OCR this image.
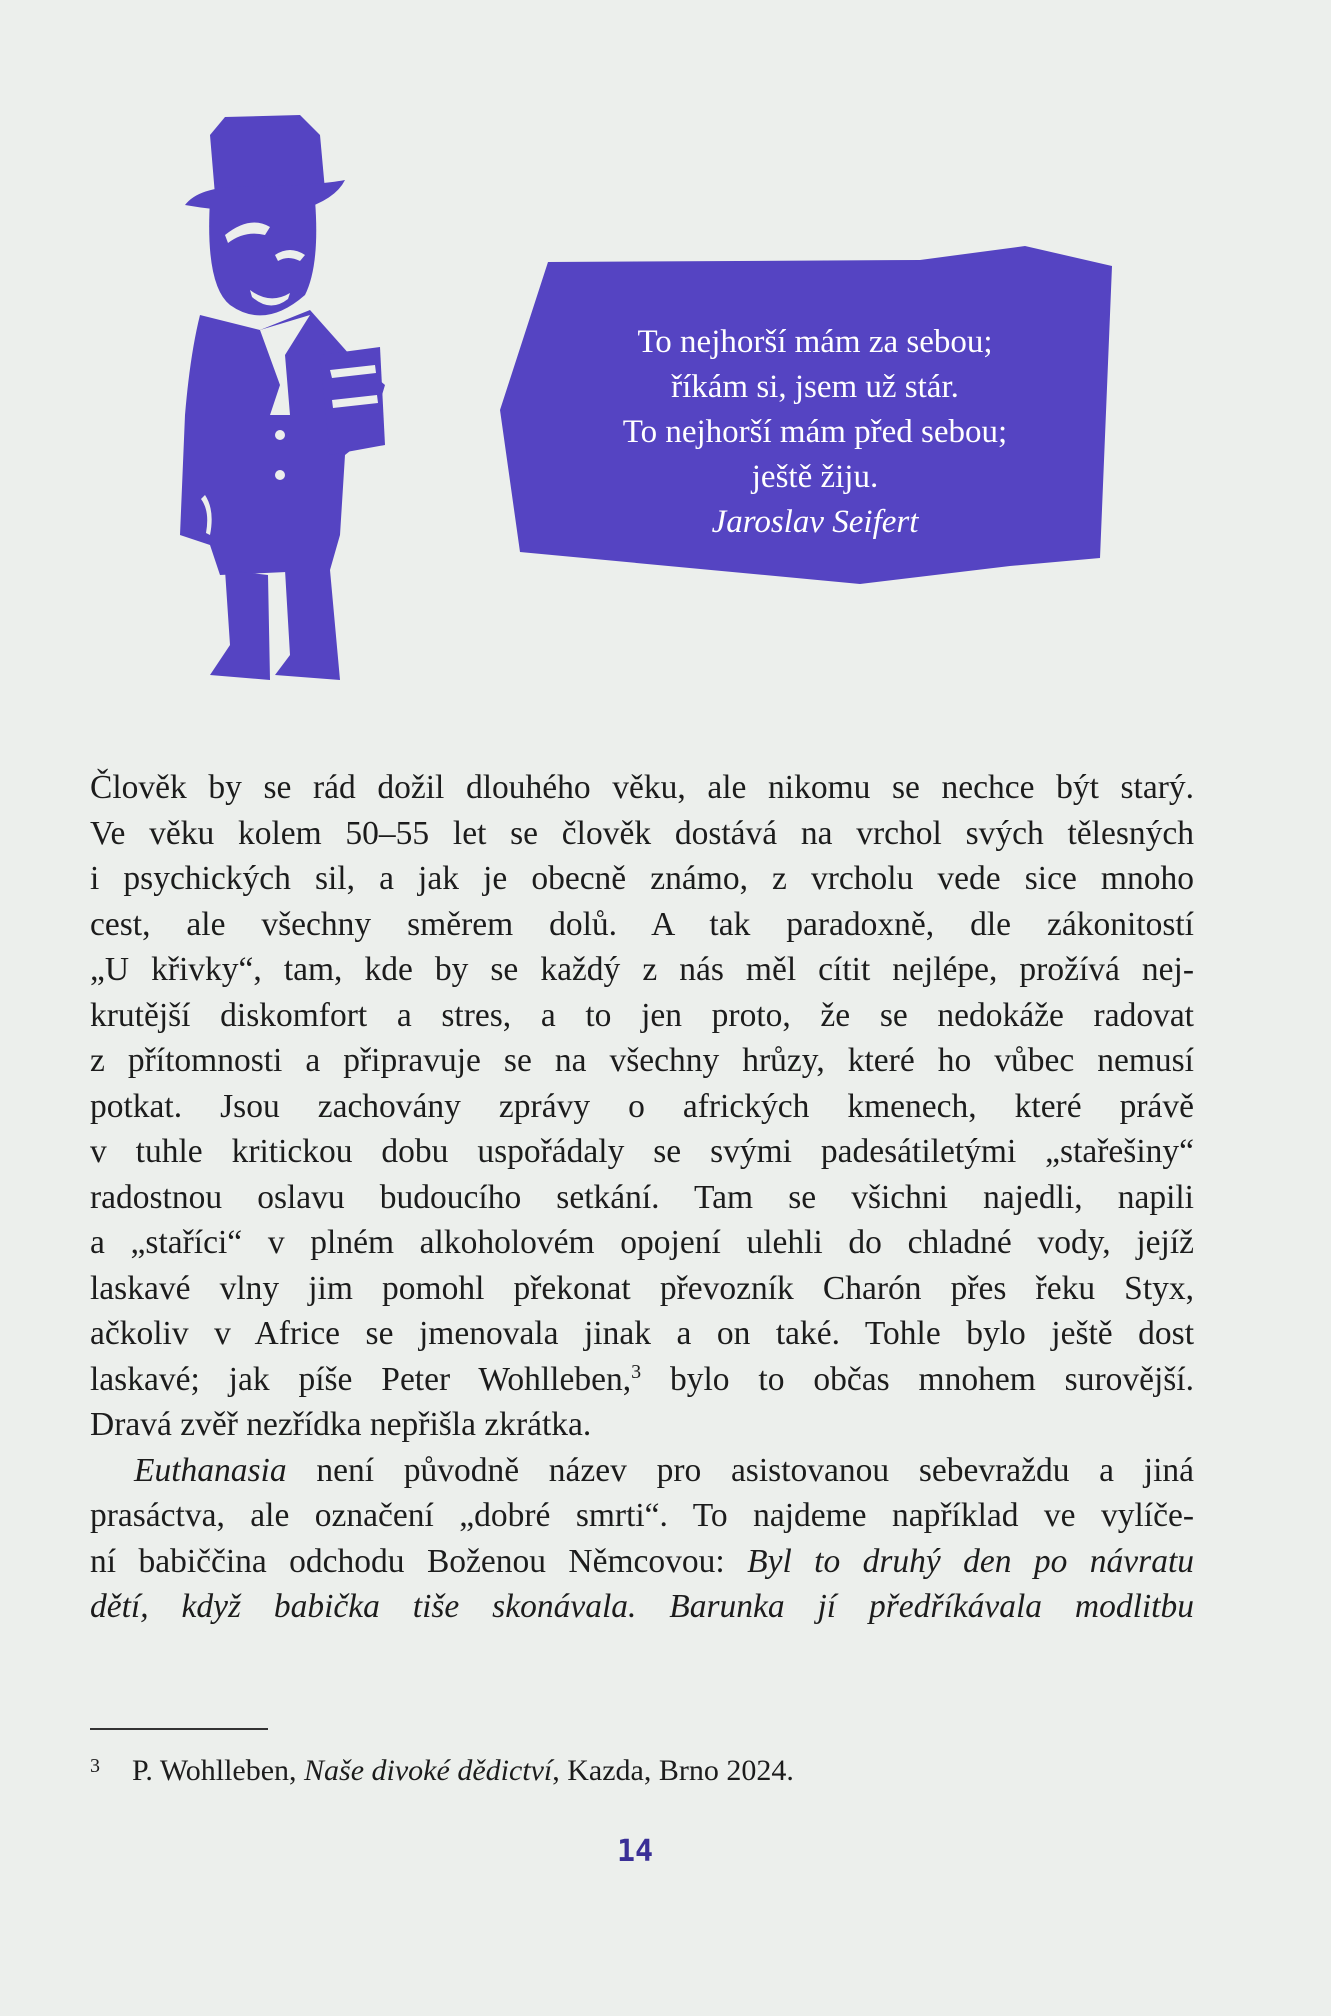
To nejhorší mám za sebou;
říkám si, jsem už stár.
To nejhorší mám před sebou;
ještě žiju.
Jaroslav Seifert
Člověk by se rád dožil dlouhého věku, ale nikomu se nechce být starý.
Ve věku kolem 50–55 let se člověk dostává na vrchol svých tělesných
i psychických sil, a jak je obecně známo, z vrcholu vede sice mnoho
cest, ale všechny směrem dolů. A tak paradoxně, dle zákonitostí
„U křivky“, tam, kde by se každý z nás měl cítit nejlépe, prožívá nej-
krutější diskomfort a stres, a to jen proto, že se nedokáže radovat
z přítomnosti a připravuje se na všechny hrůzy, které ho vůbec nemusí
potkat. Jsou zachovány zprávy o afrických kmenech, které právě
v tuhle kritickou dobu uspořádaly se svými padesátiletými „stařešiny“
radostnou oslavu budoucího setkání. Tam se všichni najedli, napili
a „staříci“ v plném alkoholovém opojení ulehli do chladné vody, jejíž
laskavé vlny jim pomohl překonat převozník Charón přes řeku Styx,
ačkoliv v Africe se jmenovala jinak a on také. Tohle bylo ještě dost
laskavé; jak píše Peter Wohlleben,$^3$ bylo to občas mnohem surovější.
Dravá zvěř nezřídka nepřišla zkrátka.
Euthanasia není původně název pro asistovanou sebevraždu a jiná
prasáctva, ale označení „dobré smrti“. To najdeme například ve vylíče-
ní babiččina odchodu Boženou Němcovou: Byl to druhý den po návratu
dětí, když babička tiše skonávala. Barunka jí předříkávala modlitbu
3 P. Wohlleben, Naše divoké dědictví, Kazda, Brno 2024.
14
